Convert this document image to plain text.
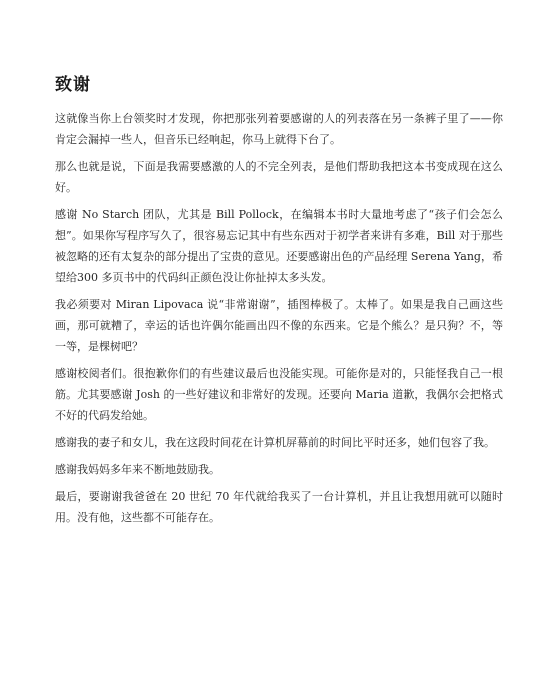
致谢

这就像当你上台领奖时才发现，你把那张列着要感谢的人的列表落在另一条裤子里了——你肯定会漏掉一些人，但音乐已经响起，你马上就得下台了。

那么也就是说，下面是我需要感激的人的不完全列表，是他们帮助我把这本书变成现在这么好。

感谢 No Starch 团队，尤其是 Bill Pollock，在编辑本书时大量地考虑了“孩子们会怎么想”。如果你写程序写久了，很容易忘记其中有些东西对于初学者来讲有多难，Bill 对于那些被忽略的还有太复杂的部分提出了宝贵的意见。还要感谢出色的产品经理 Serena Yang，希望给300 多页书中的代码纠正颜色没让你扯掉太多头发。

我必须要对 Miran Lipovaca 说“非常谢谢”，插图棒极了。太棒了。如果是我自己画这些画，那可就糟了，幸运的话也许偶尔能画出四不像的东西来。它是个熊么？是只狗？不，等一等，是棵树吧？

感谢校阅者们。很抱歉你们的有些建议最后也没能实现。可能你是对的，只能怪我自己一根筋。尤其要感谢 Josh 的一些好建议和非常好的发现。还要向 Maria 道歉，我偶尔会把格式不好的代码发给她。

感谢我的妻子和女儿，我在这段时间花在计算机屏幕前的时间比平时还多，她们包容了我。

感谢我妈妈多年来不断地鼓励我。

最后，要谢谢我爸爸在 20 世纪 70 年代就给我买了一台计算机，并且让我想用就可以随时用。没有他，这些都不可能存在。
